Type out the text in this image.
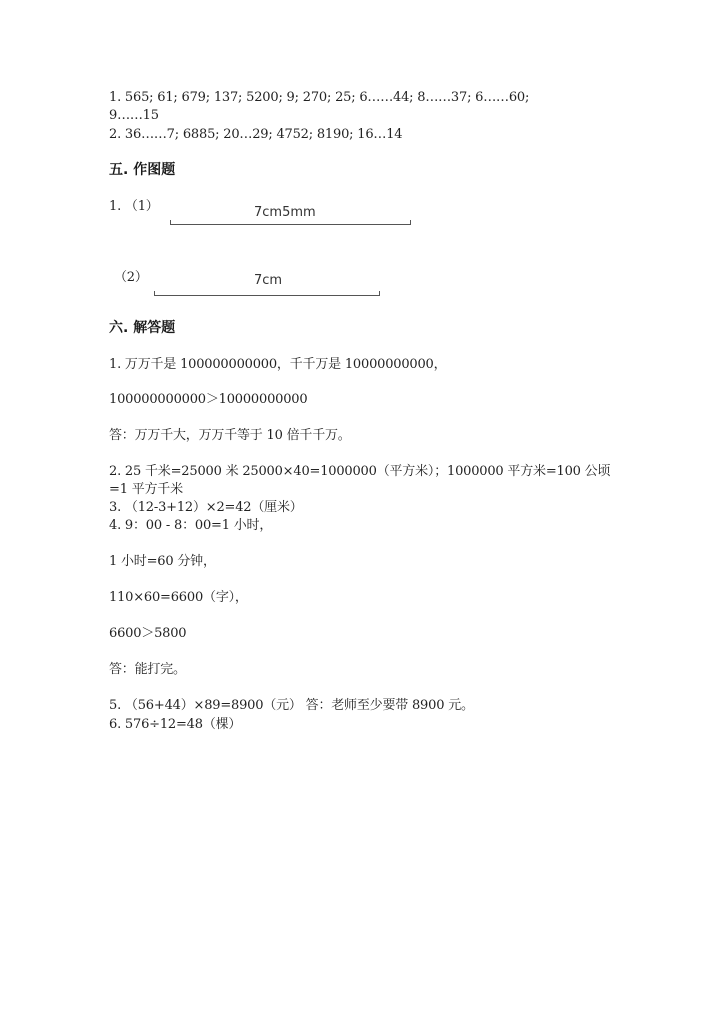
1. 565; 61; 679; 137; 5200; 9; 270; 25; 6……44; 8……37; 6……60;
9……15
2. 36……7; 6885; 20…29; 4752; 8190; 16…14
五. 作图题
1. （1）	7cm5mm
（2）	7cm
六. 解答题
1. 万万千是 100000000000，千千万是 10000000000，
100000000000＞10000000000
答：万万千大，万万千等于 10 倍千千万。
2. 25 千米=25000 米 25000×40=1000000（平方米）；1000000 平方米=100 公顷
=1 平方千米
3. （12-3+12）×2=42（厘米）
4. 9：00 - 8：00=1 小时，
1 小时=60 分钟，
110×60=6600（字），
6600＞5800
答：能打完。
5. （56+44）×89=8900（元） 答：老师至少要带 8900 元。
6. 576÷12=48（棵）
